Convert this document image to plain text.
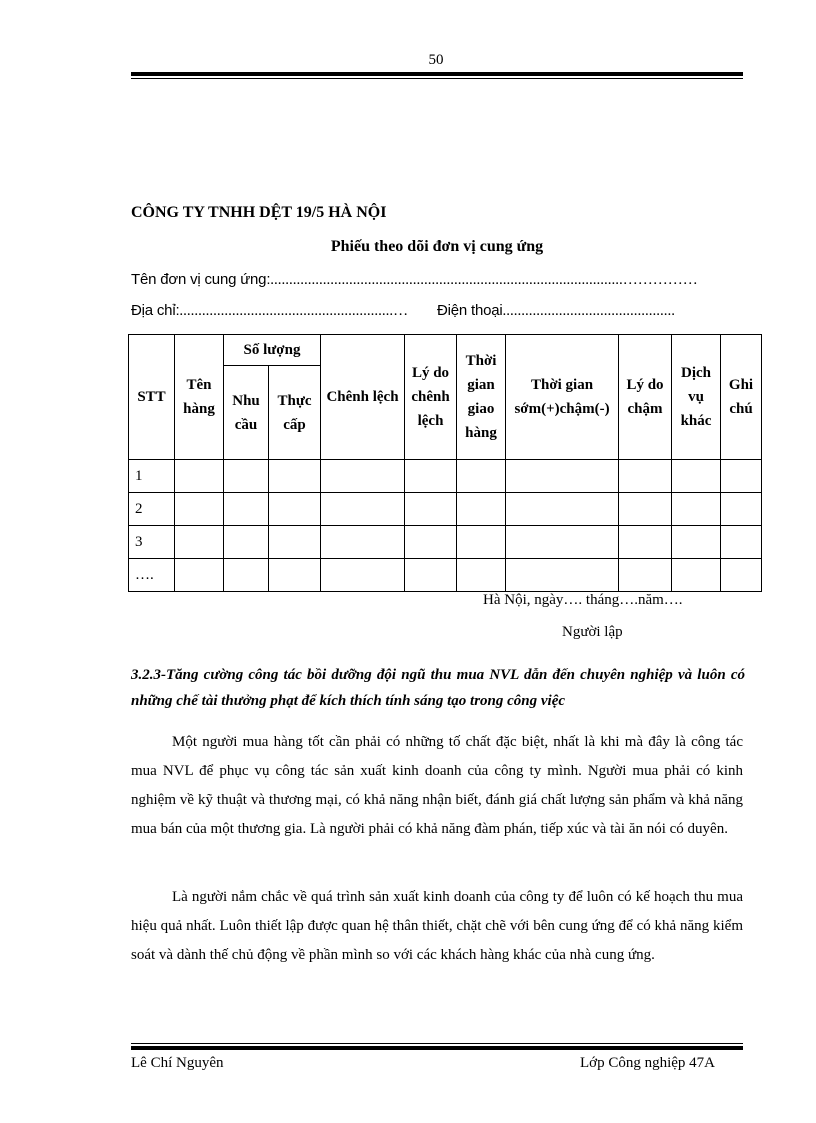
50
CÔNG TY TNHH DỆT 19/5 HÀ NỘI
Phiếu theo dõi đơn vị cung ứng
Tên đơn vị cung ứng:..............................................................................................……………
Địa chỉ:.........................................................… Điện thoại..............................................
STT	Tên hàng	Số lượng		Chênh lệch	Lý do chênh lệch	Thời gian giao hàng	Thời gian sớm(+)chậm(-)	Lý do chậm	Dịch vụ khác	Ghi chú
		Nhu cầu	Thực cấp							
1										
2										
3										
….										
Hà Nội, ngày…. tháng….năm….
Người lập
3.2.3-Tăng cường công tác bồi dưỡng đội ngũ thu mua NVL dẫn đến chuyên nghiệp và luôn có những chế tài thưởng phạt để kích thích tính sáng tạo trong công việc
Một người mua hàng tốt cần phải có những tố chất đặc biệt, nhất là khi mà đây là công tác mua NVL để phục vụ công tác sản xuất kinh doanh của công ty mình. Người mua phải có kinh nghiệm về kỹ thuật và thương mại, có khả năng nhận biết, đánh giá chất lượng sản phẩm và khả năng mua bán của một thương gia. Là người phải có khả năng đàm phán, tiếp xúc và tài ăn nói có duyên.
Là người nắm chắc về quá trình sản xuất kinh doanh của công ty để luôn có kế hoạch thu mua hiệu quả nhất. Luôn thiết lập được quan hệ thân thiết, chặt chẽ với bên cung ứng để có khả năng kiểm soát và dành thế chủ động về phần mình so với các khách hàng khác của nhà cung ứng.
Lê Chí Nguyên	Lớp Công nghiệp 47A
